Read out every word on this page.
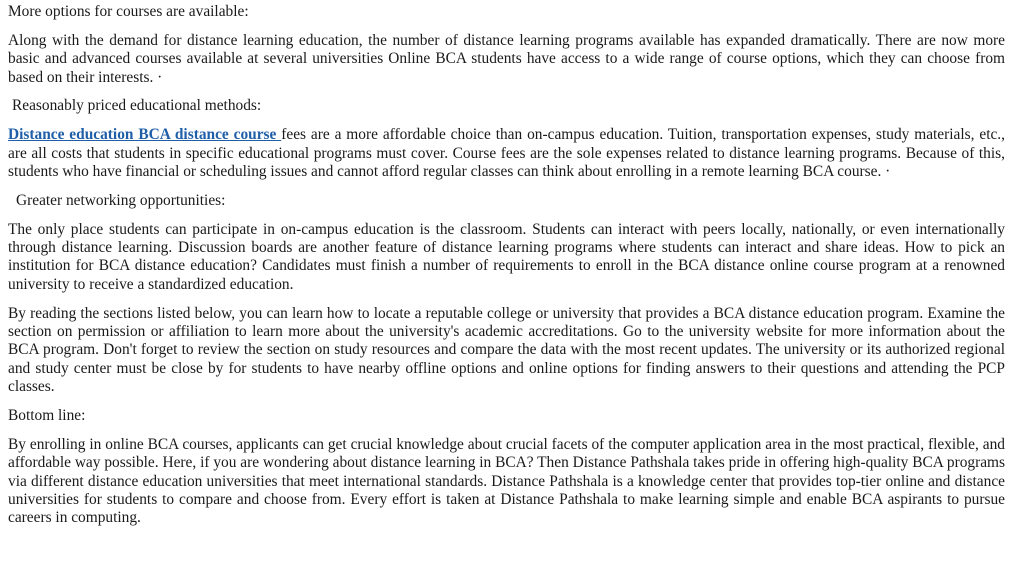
More options for courses are available:

Along with the demand for distance learning education, the number of distance learning programs available has expanded dramatically. There are now more basic and advanced courses available at several universities Online BCA students have access to a wide range of course options, which they can choose from based on their interests. ·

Reasonably priced educational methods:

Distance education BCA distance course fees are a more affordable choice than on-campus education. Tuition, transportation expenses, study materials, etc., are all costs that students in specific educational programs must cover. Course fees are the sole expenses related to distance learning programs. Because of this, students who have financial or scheduling issues and cannot afford regular classes can think about enrolling in a remote learning BCA course. ·

Greater networking opportunities:

The only place students can participate in on-campus education is the classroom. Students can interact with peers locally, nationally, or even internationally through distance learning. Discussion boards are another feature of distance learning programs where students can interact and share ideas. How to pick an institution for BCA distance education? Candidates must finish a number of requirements to enroll in the BCA distance online course program at a renowned university to receive a standardized education.

By reading the sections listed below, you can learn how to locate a reputable college or university that provides a BCA distance education program. Examine the section on permission or affiliation to learn more about the university's academic accreditations. Go to the university website for more information about the BCA program. Don't forget to review the section on study resources and compare the data with the most recent updates. The university or its authorized regional and study center must be close by for students to have nearby offline options and online options for finding answers to their questions and attending the PCP classes.

Bottom line:

By enrolling in online BCA courses, applicants can get crucial knowledge about crucial facets of the computer application area in the most practical, flexible, and affordable way possible. Here, if you are wondering about distance learning in BCA? Then Distance Pathshala takes pride in offering high-quality BCA programs via different distance education universities that meet international standards. Distance Pathshala is a knowledge center that provides top-tier online and distance universities for students to compare and choose from. Every effort is taken at Distance Pathshala to make learning simple and enable BCA aspirants to pursue careers in computing.
